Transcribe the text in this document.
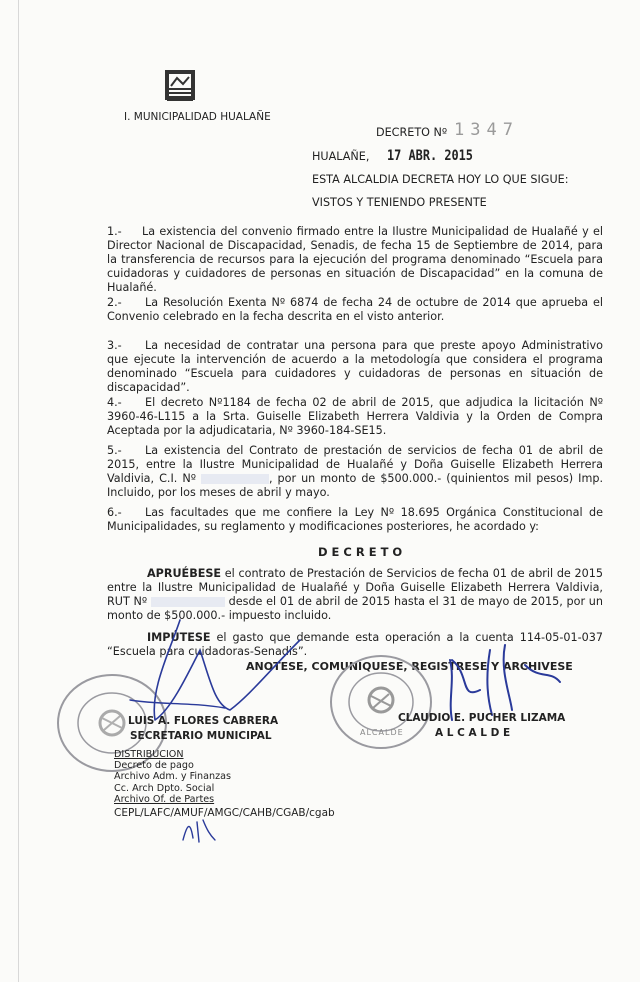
I. MUNICIPALIDAD HUALAÑE
DECRETO Nº 1347
HUALAÑE, 17 ABR. 2015
ESTA ALCALDIA DECRETA HOY LO QUE SIGUE:
VISTOS Y TENIENDO PRESENTE
1.- La existencia del convenio firmado entre la Ilustre Municipalidad de Hualañé y el Director Nacional de Discapacidad, Senadis, de fecha 15 de Septiembre de 2014, para la transferencia de recursos para la ejecución del programa denominado “Escuela para cuidadoras y cuidadores de personas en situación de Discapacidad” en la comuna de Hualañé.
2.- La Resolución Exenta Nº 6874 de fecha 24 de octubre de 2014 que aprueba el Convenio celebrado en la fecha descrita en el visto anterior.
3.- La necesidad de contratar una persona para que preste apoyo Administrativo que ejecute la intervención de acuerdo a la metodología que considera el programa denominado “Escuela para cuidadores y cuidadoras de personas en situación de discapacidad”.
4.- El decreto Nº1184 de fecha 02 de abril de 2015, que adjudica la licitación Nº 3960-46-L115 a la Srta. Guiselle Elizabeth Herrera Valdivia y la Orden de Compra Aceptada por la adjudicataria, Nº 3960-184-SE15.
5.- La existencia del Contrato de prestación de servicios de fecha 01 de abril de 2015, entre la Ilustre Municipalidad de Hualañé y Doña Guiselle Elizabeth Herrera Valdivia, C.I. Nº	, por un monto de $500.000.- (quinientos mil pesos) Imp. Incluido, por los meses de abril y mayo.
6.- Las facultades que me confiere la Ley Nº 18.695 Orgánica Constitucional de Municipalidades, su reglamento y modificaciones posteriores, he acordado y:
D E C R E T O
APRUÉBESE el contrato de Prestación de Servicios de fecha 01 de abril de 2015 entre la Ilustre Municipalidad de Hualañé y Doña Guiselle Elizabeth Herrera Valdivia, RUT Nº	desde el 01 de abril de 2015 hasta el 31 de mayo de 2015, por un monto de $500.000.- impuesto incluido.
IMPÚTESE el gasto que demande esta operación a la cuenta 114-05-01-037 “Escuela para cuidadoras-Senadis”.
ANOTESE, COMUNIQUESE, REGISTRESE Y ARCHIVESE
ALCALDE
LUIS A. FLORES CABRERA
SECRETARIO MUNICIPAL
CLAUDIO E. PUCHER LIZAMA
A L C A L D E
DISTRIBUCION
Decreto de pago
Archivo Adm. y Finanzas
Cc. Arch Dpto. Social
Archivo Of. de Partes
CEPL/LAFC/AMUF/AMGC/CAHB/CGAB/cgab
